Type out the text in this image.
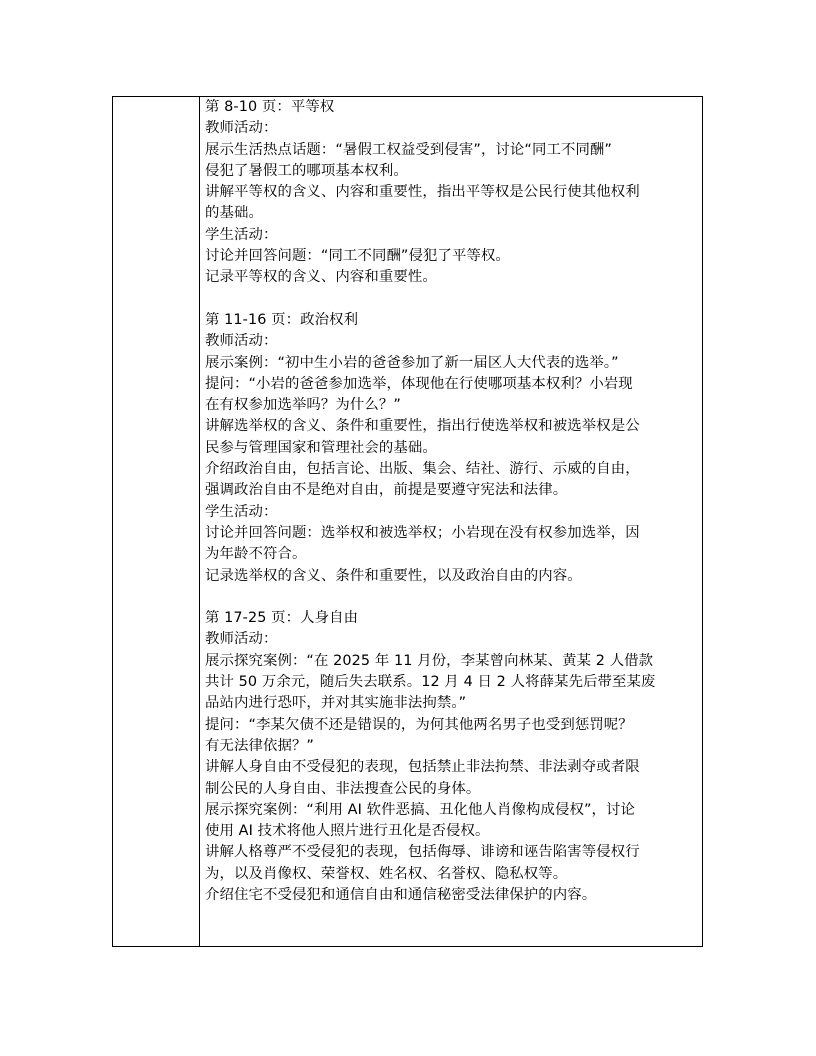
第 8-10 页：平等权
教师活动：
展示生活热点话题：“暑假工权益受到侵害”，讨论“同工不同酬”
侵犯了暑假工的哪项基本权利。
讲解平等权的含义、内容和重要性，指出平等权是公民行使其他权利
的基础。
学生活动：
讨论并回答问题：“同工不同酬”侵犯了平等权。
记录平等权的含义、内容和重要性。
第 11-16 页：政治权利
教师活动：
展示案例：“初中生小岩的爸爸参加了新一届区人大代表的选举。”
提问：“小岩的爸爸参加选举，体现他在行使哪项基本权利？小岩现
在有权参加选举吗？为什么？”
讲解选举权的含义、条件和重要性，指出行使选举权和被选举权是公
民参与管理国家和管理社会的基础。
介绍政治自由，包括言论、出版、集会、结社、游行、示威的自由，
强调政治自由不是绝对自由，前提是要遵守宪法和法律。
学生活动：
讨论并回答问题：选举权和被选举权；小岩现在没有权参加选举，因
为年龄不符合。
记录选举权的含义、条件和重要性，以及政治自由的内容。
第 17-25 页：人身自由
教师活动：
展示探究案例：“在 2025 年 11 月份，李某曾向林某、黄某 2 人借款
共计 50 万余元，随后失去联系。12 月 4 日 2 人将薛某先后带至某废
品站内进行恐吓，并对其实施非法拘禁。”
提问：“李某欠债不还是错误的，为何其他两名男子也受到惩罚呢？
有无法律依据？”
讲解人身自由不受侵犯的表现，包括禁止非法拘禁、非法剥夺或者限
制公民的人身自由、非法搜查公民的身体。
展示探究案例：“利用 AI 软件恶搞、丑化他人肖像构成侵权”，讨论
使用 AI 技术将他人照片进行丑化是否侵权。
讲解人格尊严不受侵犯的表现，包括侮辱、诽谤和诬告陷害等侵权行
为，以及肖像权、荣誉权、姓名权、名誉权、隐私权等。
介绍住宅不受侵犯和通信自由和通信秘密受法律保护的内容。
